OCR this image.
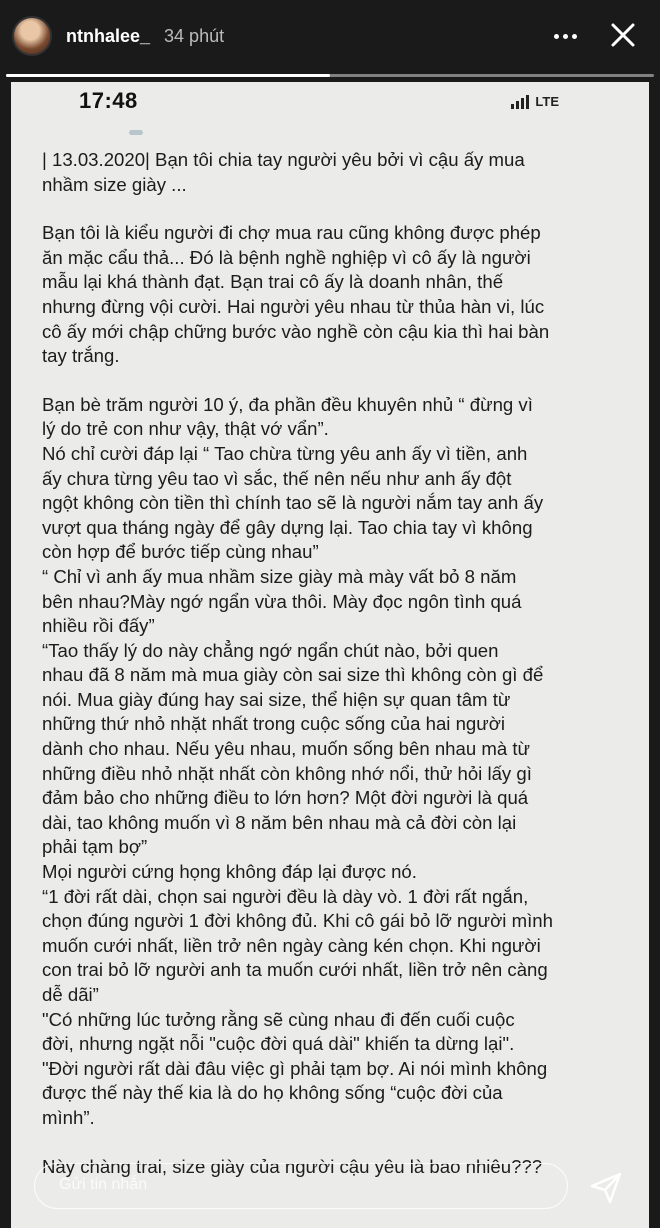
ntnhalee_ 34 phút
17:48	LTE

| 13.03.2020| Bạn tôi chia tay người yêu bởi vì cậu ấy mua

nhầm size giày ...

Bạn tôi là kiểu người đi chợ mua rau cũng không được phép

ăn mặc cẩu thả... Đó là bệnh nghề nghiệp vì cô ấy là người

mẫu lại khá thành đạt. Bạn trai cô ấy là doanh nhân, thế

nhưng đừng vội cười. Hai người yêu nhau từ thủa hàn vi, lúc

cô ấy mới chập chững bước vào nghề còn cậu kia thì hai bàn

tay trắng.

Bạn bè trăm người 10 ý, đa phần đều khuyên nhủ “ đừng vì

lý do trẻ con như vậy, thật vớ vẩn”.

Nó chỉ cười đáp lại “ Tao chừa từng yêu anh ấy vì tiền, anh

ấy chưa từng yêu tao vì sắc, thế nên nếu như anh ấy đột

ngột không còn tiền thì chính tao sẽ là người nắm tay anh ấy

vượt qua tháng ngày để gây dựng lại. Tao chia tay vì không

còn hợp để bước tiếp cùng nhau”

“ Chỉ vì anh ấy mua nhầm size giày mà mày vất bỏ 8 năm

bên nhau?Mày ngớ ngẩn vừa thôi. Mày đọc ngôn tình quá

nhiều rồi đấy”

“Tao thấy lý do này chẳng ngớ ngẩn chút nào, bởi quen

nhau đã 8 năm mà mua giày còn sai size thì không còn gì để

nói. Mua giày đúng hay sai size, thể hiện sự quan tâm từ

những thứ nhỏ nhặt nhất trong cuộc sống của hai người

dành cho nhau. Nếu yêu nhau, muốn sống bên nhau mà từ

những điều nhỏ nhặt nhất còn không nhớ nổi, thử hỏi lấy gì

đảm bảo cho những điều to lớn hơn? Một đời người là quá

dài, tao không muốn vì 8 năm bên nhau mà cả đời còn lại

phải tạm bợ”

Mọi người cứng họng không đáp lại được nó.

“1 đời rất dài, chọn sai người đều là dày vò. 1 đời rất ngắn,

chọn đúng người 1 đời không đủ. Khi cô gái bỏ lỡ người mình

muốn cưới nhất, liền trở nên ngày càng kén chọn. Khi người

con trai bỏ lỡ người anh ta muốn cưới nhất, liền trở nên càng

dễ dãi”

"Có những lúc tưởng rằng sẽ cùng nhau đi đến cuối cuộc

đời, nhưng ngặt nỗi "cuộc đời quá dài" khiến ta dừng lại".

"Đời người rất dài đâu việc gì phải tạm bợ. Ai nói mình không

được thế này thế kia là do họ không sống “cuộc đời của

mình”.

Này chàng trai, size giày của người cậu yêu là bao nhiêu???

Gửi tin nhắn
